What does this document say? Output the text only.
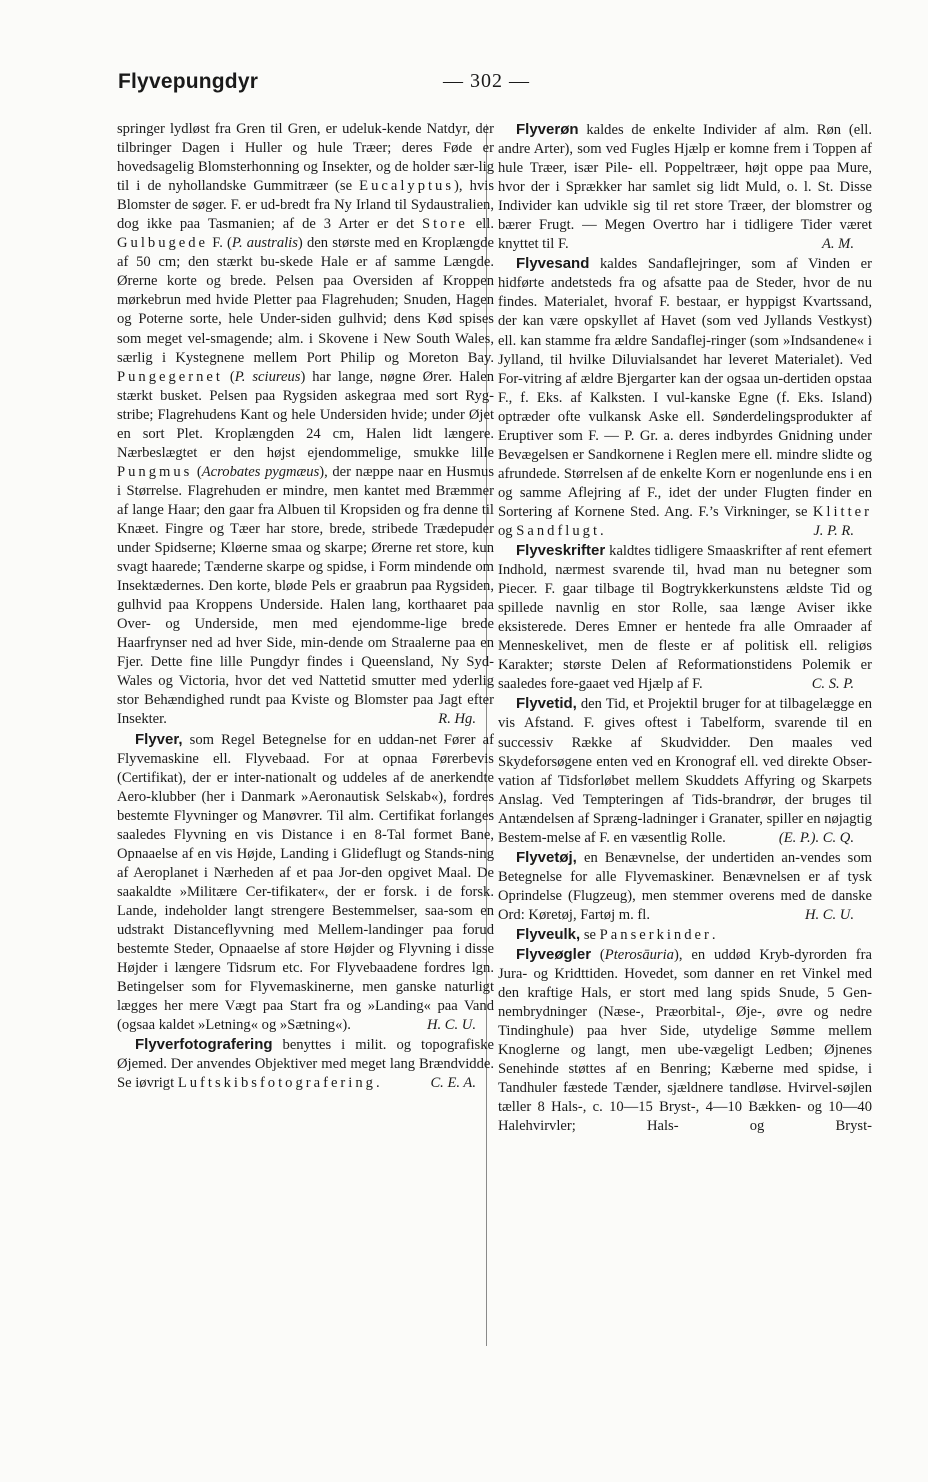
Flyvepungdyr	— 302 —

springer lydløst fra Gren til Gren, er udeluk-kende Natdyr, der tilbringer Dagen i Huller og hule Træer; deres Føde er hovedsagelig Blomsterhonning og Insekter, og de holder sær-lig til i de nyhollandske Gummitræer (se Eucalyptus), hvis Blomster de søger. F. er ud-bredt fra Ny Irland til Sydaustralien, dog ikke paa Tasmanien; af de 3 Arter er det Store ell. Gulbugede F. (P. australis) den største med en Kroplængde af 50 cm; den stærkt bu-skede Hale er af samme Længde. Ørerne korte og brede. Pelsen paa Oversiden af Kroppen mørkebrun med hvide Pletter paa Flagrehuden; Snuden, Hagen og Poterne sorte, hele Under-siden gulhvid; dens Kød spises som meget vel-smagende; alm. i Skovene i New South Wales, særlig i Kystegnene mellem Port Philip og Moreton Bay. Pungegernet (P. sciureus) har lange, nøgne Ører. Halen stærkt busket. Pelsen paa Rygsiden askegraa med sort Ryg-stribe; Flagrehudens Kant og hele Undersiden hvide; under Øjet en sort Plet. Kroplængden 24 cm, Halen lidt længere. Nærbeslægtet er den højst ejendommelige, smukke lille Pungmus (Acrobates pygmæus), der næppe naar en Husmus i Størrelse. Flagrehuden er mindre, men kantet med Bræmmer af lange Haar; den gaar fra Albuen til Kropsiden og fra denne til Knæet. Fingre og Tæer har store, brede, stribede Trædepuder under Spidserne; Kløerne smaa og skarpe; Ørerne ret store, kun svagt haarede; Tænderne skarpe og spidse, i Form mindende om Insektædernes. Den korte, bløde Pels er graabrun paa Rygsiden, gulhvid paa Kroppens Underside. Halen lang, korthaaret paa Over- og Underside, men med ejendomme-lige brede Haarfrynser ned ad hver Side, min-dende om Straalerne paa en Fjer. Dette fine lille Pungdyr findes i Queensland, Ny Syd-Wales og Victoria, hvor det ved Nattetid smutter med yderlig stor Behændighed rundt paa Kviste og Blomster paa Jagt efter Insekter.	R. Hg.

Flyver, som Regel Betegnelse for en uddan-net Fører af Flyvemaskine ell. Flyvebaad. For at opnaa Førerbevis (Certifikat), der er inter-nationalt og uddeles af de anerkendte Aero-klubber (her i Danmark »Aeronautisk Selskab«), fordres bestemte Flyvninger og Manøvrer. Til alm. Certifikat forlanges saaledes Flyvning en vis Distance i en 8-Tal formet Bane, Opnaaelse af en vis Højde, Landing i Glideflugt og Stands-ning af Aeroplanet i Nærheden af et paa Jor-den opgivet Maal. De saakaldte »Militære Cer-tifikater«, der er forsk. i de forsk. Lande, indeholder langt strengere Bestemmelser, saa-som en udstrakt Distanceflyvning med Mellem-landinger paa forud bestemte Steder, Opnaaelse af store Højder og Flyvning i disse Højder i længere Tidsrum etc. For Flyvebaadene fordres lgn. Betingelser som for Flyvemaskinerne, men ganske naturligt lægges her mere Vægt paa Start fra og »Landing« paa Vand (ogsaa kaldet »Letning« og »Sætning«).	H. C. U.

Flyverfotografering benyttes i milit. og topografiske Øjemed. Der anvendes Objektiver med meget lang Brændvidde. Se iøvrigt Luftskibsfotografering.	C. E. A.

Flyverøn kaldes de enkelte Individer af alm. Røn (ell. andre Arter), som ved Fugles Hjælp er komne frem i Toppen af hule Træer, især Pile- ell. Poppeltræer, højt oppe paa Mure, hvor der i Sprækker har samlet sig lidt Muld, o. l. St. Disse Individer kan udvikle sig til ret store Træer, der blomstrer og bærer Frugt. — Megen Overtro har i tidligere Tider været knyttet til F.	A. M.

Flyvesand kaldes Sandaflejringer, som af Vinden er hidførte andetsteds fra og afsatte paa de Steder, hvor de nu findes. Materialet, hvoraf F. bestaar, er hyppigst Kvartssand, der kan være opskyllet af Havet (som ved Jyllands Vestkyst) ell. kan stamme fra ældre Sandaflej-ringer (som »Indsandene« i Jylland, til hvilke Diluvialsandet har leveret Materialet). Ved For-vitring af ældre Bjergarter kan der ogsaa un-dertiden opstaa F., f. Eks. af Kalksten. I vul-kanske Egne (f. Eks. Island) optræder ofte vulkansk Aske ell. Sønderdelingsprodukter af Eruptiver som F. — P. Gr. a. deres indbyrdes Gnidning under Bevægelsen er Sandkornene i Reglen mere ell. mindre slidte og afrundede. Størrelsen af de enkelte Korn er nogenlunde ens i en og samme Aflejring af F., idet der under Flugten finder en Sortering af Kornene Sted. Ang. F.’s Virkninger, se Klitter og Sandflugt.	J. P. R.

Flyveskrifter kaldtes tidligere Smaaskrifter af rent efemert Indhold, nærmest svarende til, hvad man nu betegner som Piecer. F. gaar tilbage til Bogtrykkerkunstens ældste Tid og spillede navnlig en stor Rolle, saa længe Aviser ikke eksisterede. Deres Emner er hentede fra alle Omraader af Menneskelivet, men de fleste er af politisk ell. religiøs Karakter; største Delen af Reformationstidens Polemik er saaledes fore-gaaet ved Hjælp af F.	C. S. P.

Flyvetid, den Tid, et Projektil bruger for at tilbagelægge en vis Afstand. F. gives oftest i Tabelform, svarende til en successiv Række af Skudvidder. Den maales ved Skydeforsøgene enten ved en Kronograf ell. ved direkte Obser-vation af Tidsforløbet mellem Skuddets Affyring og Skarpets Anslag. Ved Tempteringen af Tids-brandrør, der bruges til Antændelsen af Spræng-ladninger i Granater, spiller en nøjagtig Bestem-melse af F. en væsentlig Rolle.	(E. P.). C. Q.

Flyvetøj, en Benævnelse, der undertiden an-vendes som Betegnelse for alle Flyvemaskiner. Benævnelsen er af tysk Oprindelse (Flugzeug), men stemmer overens med de danske Ord: Køretøj, Fartøj m. fl.	H. C. U.

Flyveulk, se Panserkinder.

Flyveøgler (Pterosāuria), en uddød Kryb-dyrorden fra Jura- og Kridttiden. Hovedet, som danner en ret Vinkel med den kraftige Hals, er stort med lang spids Snude, 5 Gen-nembrydninger (Næse-, Præorbital-, Øje-, øvre og nedre Tindinghule) paa hver Side, utydelige Sømme mellem Knoglerne og langt, men ube-vægeligt Ledben; Øjnenes Senehinde støttes af en Benring; Kæberne med spidse, i Tandhuler fæstede Tænder, sjældnere tandløse. Hvirvel-søjlen tæller 8 Hals-, c. 10—15 Bryst-, 4—10 Bækken- og 10—40 Halehvirvler; Hals- og Bryst-
